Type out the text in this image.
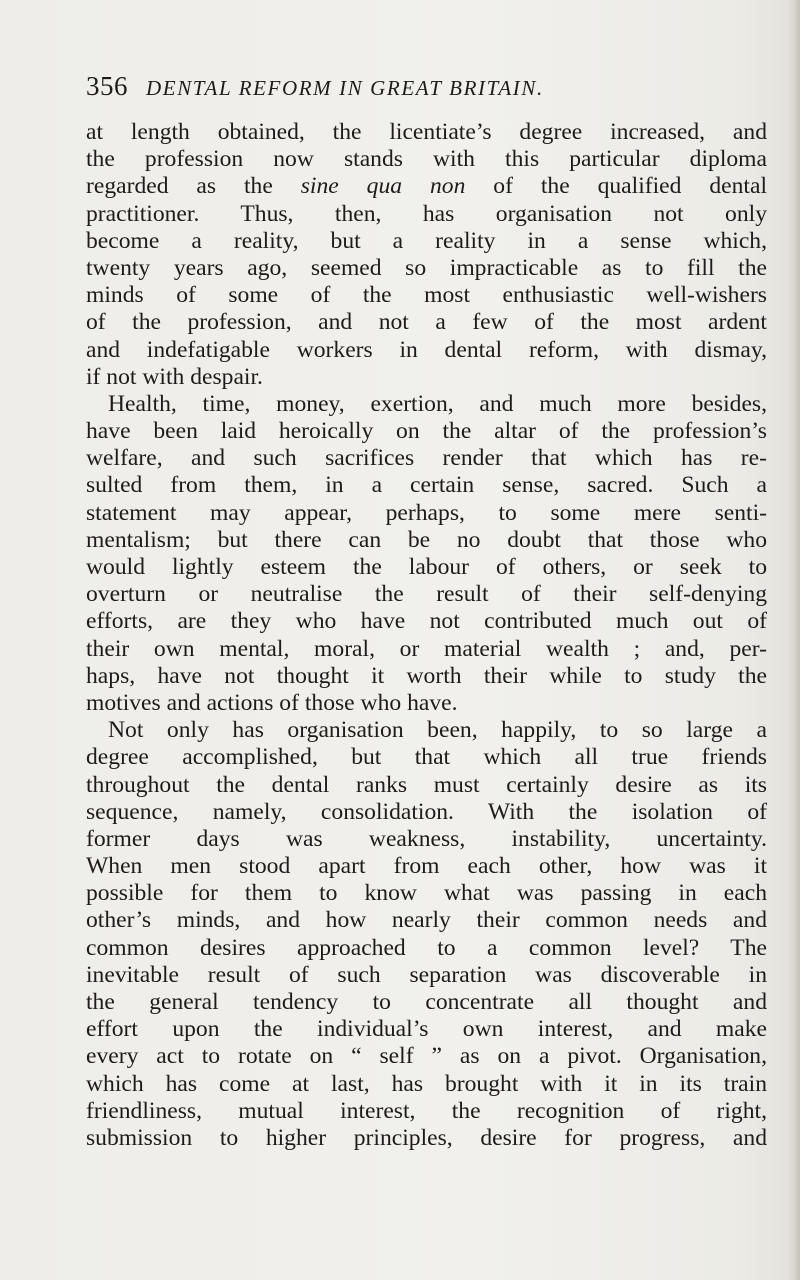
356 DENTAL REFORM IN GREAT BRITAIN.
at length obtained, the licentiate’s degree increased, and
the profession now stands with this particular diploma
regarded as the sine qua non of the qualified dental
practitioner. Thus, then, has organisation not only
become a reality, but a reality in a sense which,
twenty years ago, seemed so impracticable as to fill the
minds of some of the most enthusiastic well-wishers
of the profession, and not a few of the most ardent
and indefatigable workers in dental reform, with dismay,
if not with despair.
Health, time, money, exertion, and much more besides,
have been laid heroically on the altar of the profession’s
welfare, and such sacrifices render that which has re-
sulted from them, in a certain sense, sacred. Such a
statement may appear, perhaps, to some mere senti-
mentalism; but there can be no doubt that those who
would lightly esteem the labour of others, or seek to
overturn or neutralise the result of their self-denying
efforts, are they who have not contributed much out of
their own mental, moral, or material wealth ; and, per-
haps, have not thought it worth their while to study the
motives and actions of those who have.
Not only has organisation been, happily, to so large a
degree accomplished, but that which all true friends
throughout the dental ranks must certainly desire as its
sequence, namely, consolidation. With the isolation of
former days was weakness, instability, uncertainty.
When men stood apart from each other, how was it
possible for them to know what was passing in each
other’s minds, and how nearly their common needs and
common desires approached to a common level? The
inevitable result of such separation was discoverable in
the general tendency to concentrate all thought and
effort upon the individual’s own interest, and make
every act to rotate on “ self ” as on a pivot. Organisation,
which has come at last, has brought with it in its train
friendliness, mutual interest, the recognition of right,
submission to higher principles, desire for progress, and
